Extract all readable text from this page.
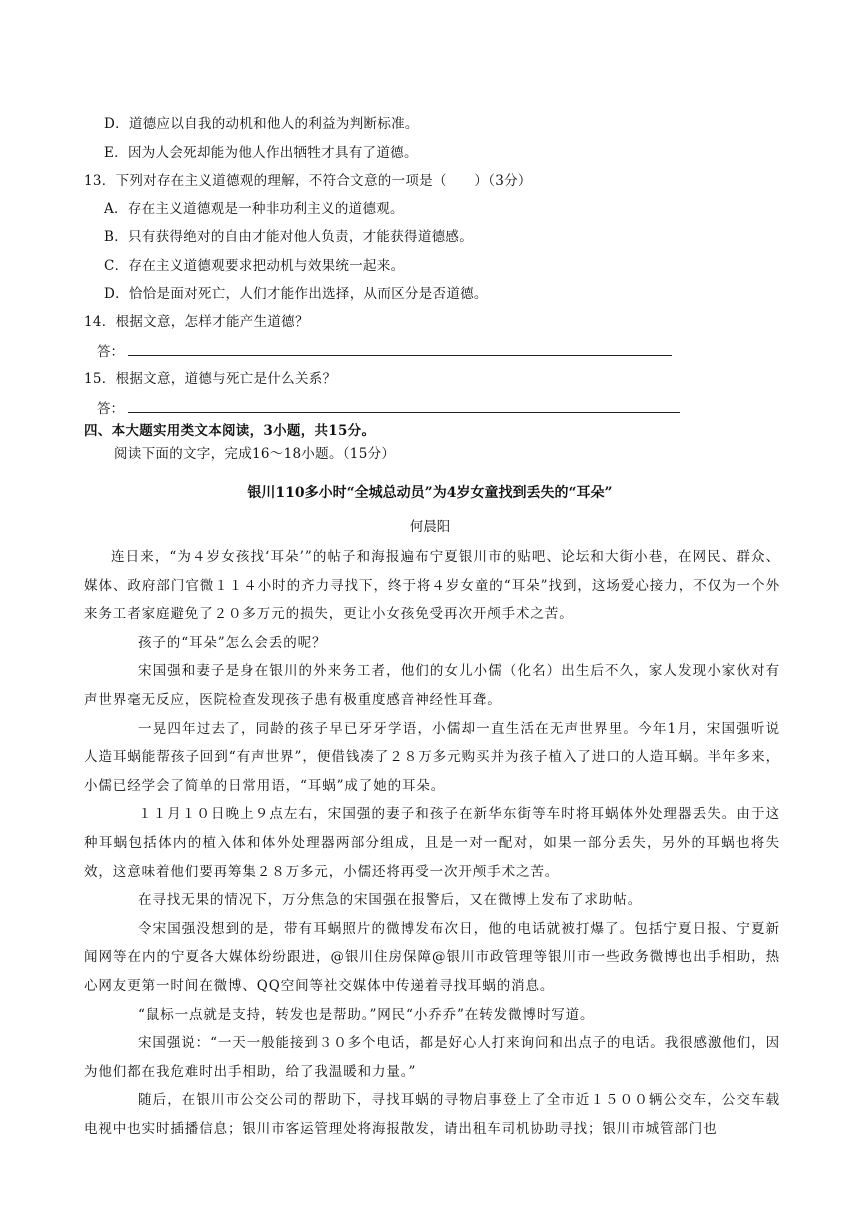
D．道德应以自我的动机和他人的利益为判断标准。
E．因为人会死却能为他人作出牺牲才具有了道德。
13．下列对存在主义道德观的理解，不符合文意的一项是（　　）（3分）
A．存在主义道德观是一种非功利主义的道德观。
B．只有获得绝对的自由才能对他人负责，才能获得道德感。
C．存在主义道德观要求把动机与效果统一起来。
D．恰恰是面对死亡，人们才能作出选择，从而区分是否道德。
14．根据文意，怎样才能产生道德？
答：
15．根据文意，道德与死亡是什么关系？
答：
四、本大题实用类文本阅读，3小题，共15分。
阅读下面的文字，完成16～18小题。（15分）
银川110多小时“全城总动员”为4岁女童找到丢失的“耳朵”
何晨阳

连日来，“为４岁女孩找‘耳朵’”的帖子和海报遍布宁夏银川市的贴吧、论坛和大街小巷，在网民、群众、媒体、政府部门官微１１４小时的齐力寻找下，终于将４岁女童的“耳朵”找到，这场爱心接力，不仅为一个外来务工者家庭避免了２０多万元的损失，更让小女孩免受再次开颅手术之苦。

孩子的“耳朵”怎么会丢的呢？

宋国强和妻子是身在银川的外来务工者，他们的女儿小儒（化名）出生后不久，家人发现小家伙对有声世界毫无反应，医院检查发现孩子患有极重度感音神经性耳聋。

一晃四年过去了，同龄的孩子早已牙牙学语，小儒却一直生活在无声世界里。今年1月，宋国强听说人造耳蜗能帮孩子回到“有声世界”，便借钱凑了２８万多元购买并为孩子植入了进口的人造耳蜗。半年多来，小儒已经学会了简单的日常用语，“耳蜗”成了她的耳朵。

１１月１０日晚上９点左右，宋国强的妻子和孩子在新华东街等车时将耳蜗体外处理器丢失。由于这种耳蜗包括体内的植入体和体外处理器两部分组成，且是一对一配对，如果一部分丢失，另外的耳蜗也将失效，这意味着他们要再筹集２８万多元，小儒还将再受一次开颅手术之苦。

在寻找无果的情况下，万分焦急的宋国强在报警后，又在微博上发布了求助帖。

令宋国强没想到的是，带有耳蜗照片的微博发布次日，他的电话就被打爆了。包括宁夏日报、宁夏新闻网等在内的宁夏各大媒体纷纷跟进，@银川住房保障@银川市政管理等银川市一些政务微博也出手相助，热心网友更第一时间在微博、QQ空间等社交媒体中传递着寻找耳蜗的消息。

“鼠标一点就是支持，转发也是帮助。”网民“小乔乔”在转发微博时写道。

宋国强说：“一天一般能接到３０多个电话，都是好心人打来询问和出点子的电话。我很感激他们，因为他们都在我危难时出手相助，给了我温暖和力量。”

随后，在银川市公交公司的帮助下，寻找耳蜗的寻物启事登上了全市近１５００辆公交车，公交车载电视中也实时插播信息；银川市客运管理处将海报散发，请出租车司机协助寻找；银川市城管部门也
